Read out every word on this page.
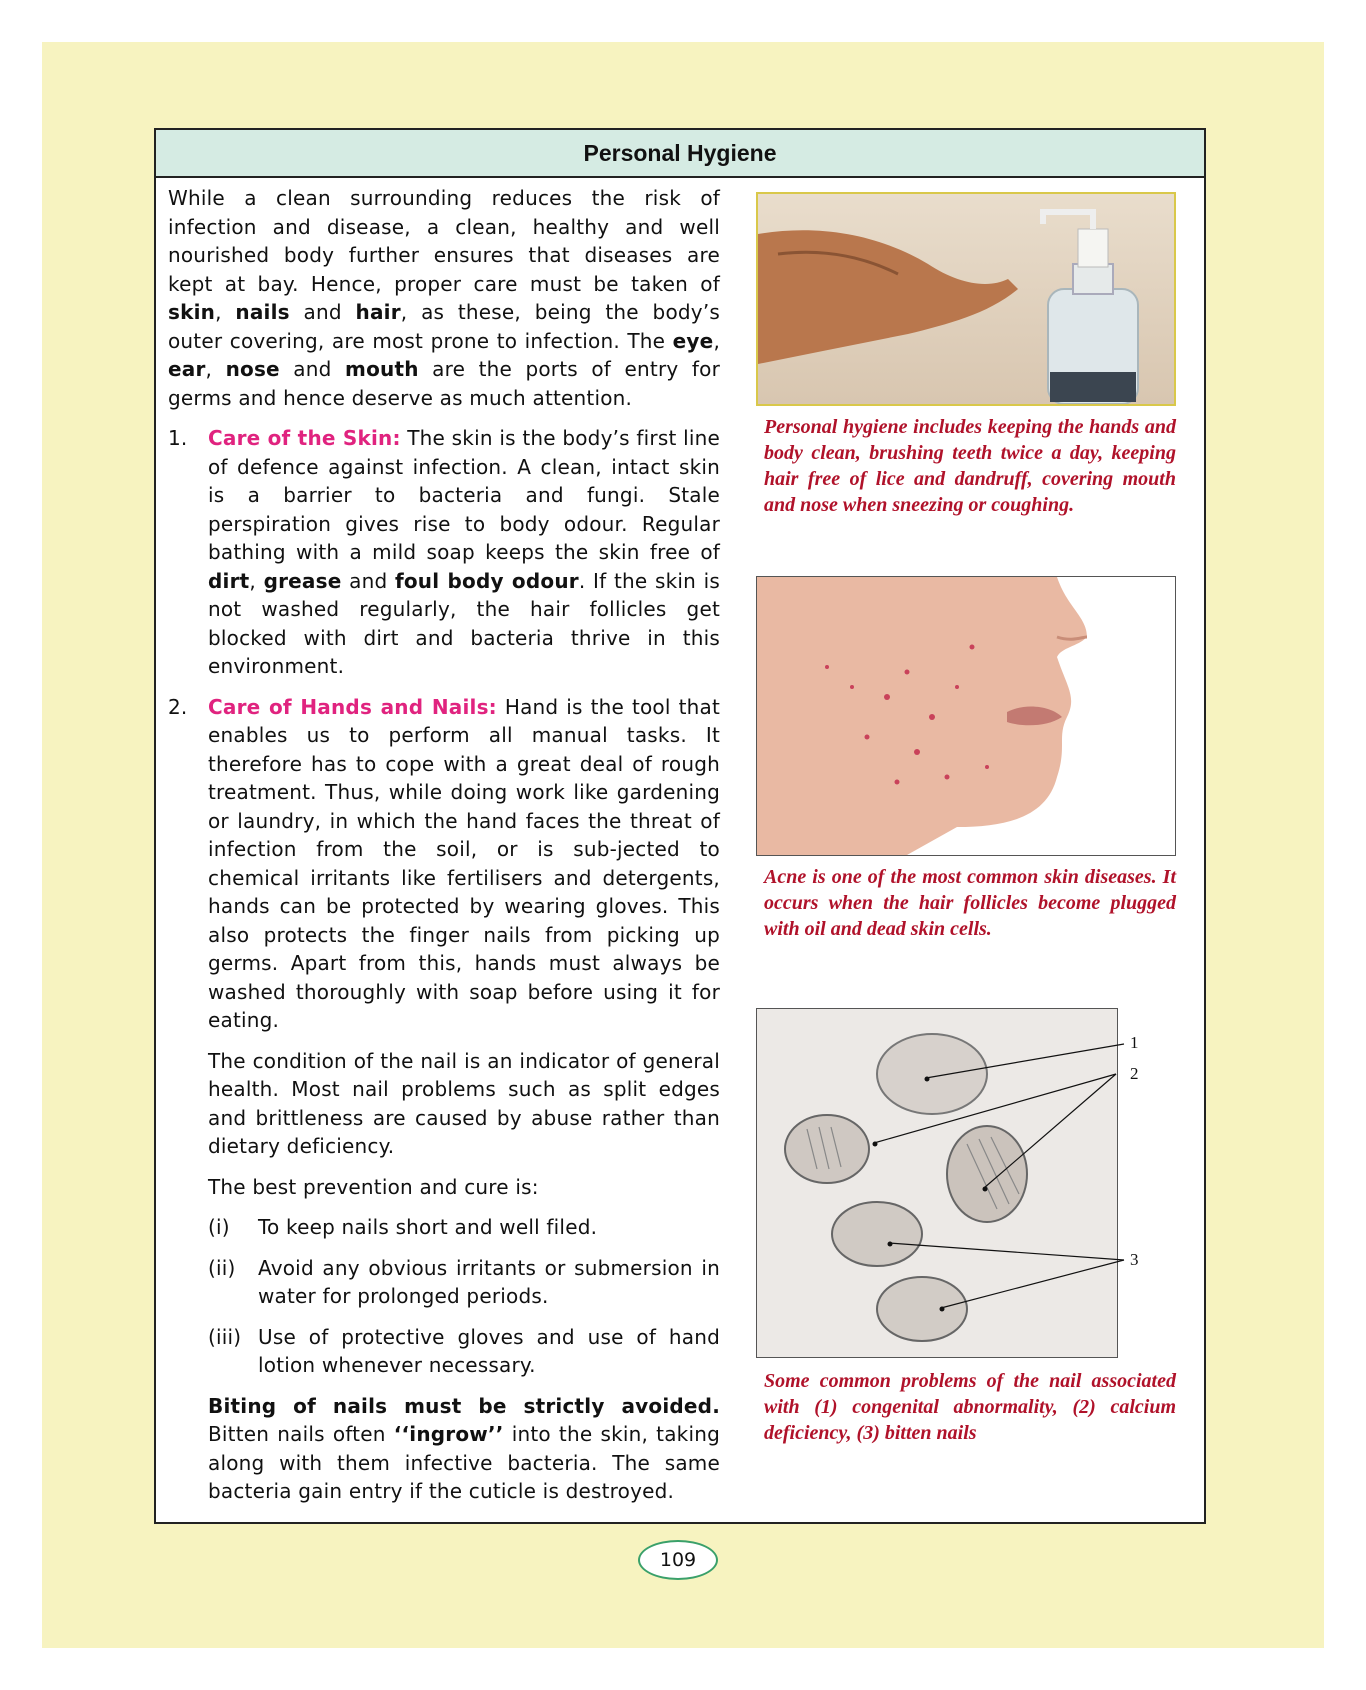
Personal Hygiene

While a clean surrounding reduces the risk of infection and disease, a clean, healthy and well nourished body further ensures that diseases are kept at bay. Hence, proper care must be taken of skin, nails and hair, as these, being the body’s outer covering, are most prone to infection. The eye, ear, nose and mouth are the ports of entry for germs and hence deserve as much attention.

1.	Care of the Skin: The skin is the body’s first line of defence against infection. A clean, intact skin is a barrier to bacteria and fungi. Stale perspiration gives rise to body odour. Regular bathing with a mild soap keeps the skin free of dirt, grease and foul body odour. If the skin is not washed regularly, the hair follicles get blocked with dirt and bacteria thrive in this environment.
2.	Care of Hands and Nails: Hand is the tool that enables us to perform all manual tasks. It therefore has to cope with a great deal of rough treatment. Thus, while doing work like gardening or laundry, in which the hand faces the threat of infection from the soil, or is sub-jected to chemical irritants like fertilisers and detergents, hands can be protected by wearing gloves. This also protects the finger nails from picking up germs. Apart from this, hands must always be washed thoroughly with soap before using it for eating.

The condition of the nail is an indicator of general health. Most nail problems such as split edges and brittleness are caused by abuse rather than dietary deficiency.

The best prevention and cure is:

(i)	To keep nails short and well filed.
(ii)	Avoid any obvious irritants or submersion in water for prolonged periods.
(iii) Use of protective gloves and use of hand lotion whenever necessary.

Biting of nails must be strictly avoided. Bitten nails often ‘‘ingrow’’ into the skin, taking along with them infective bacteria. The same bacteria gain entry if the cuticle is destroyed.

Personal hygiene includes keeping the hands and body clean, brushing teeth twice a day, keeping hair free of lice and dandruff, covering mouth and nose when sneezing or coughing.
Acne is one of the most common skin diseases. It occurs when the hair follicles become plugged with oil and dead skin cells.
1
2
3
Some common problems of the nail associated with (1) congenital abnormality, (2) calcium deficiency, (3) bitten nails
109
